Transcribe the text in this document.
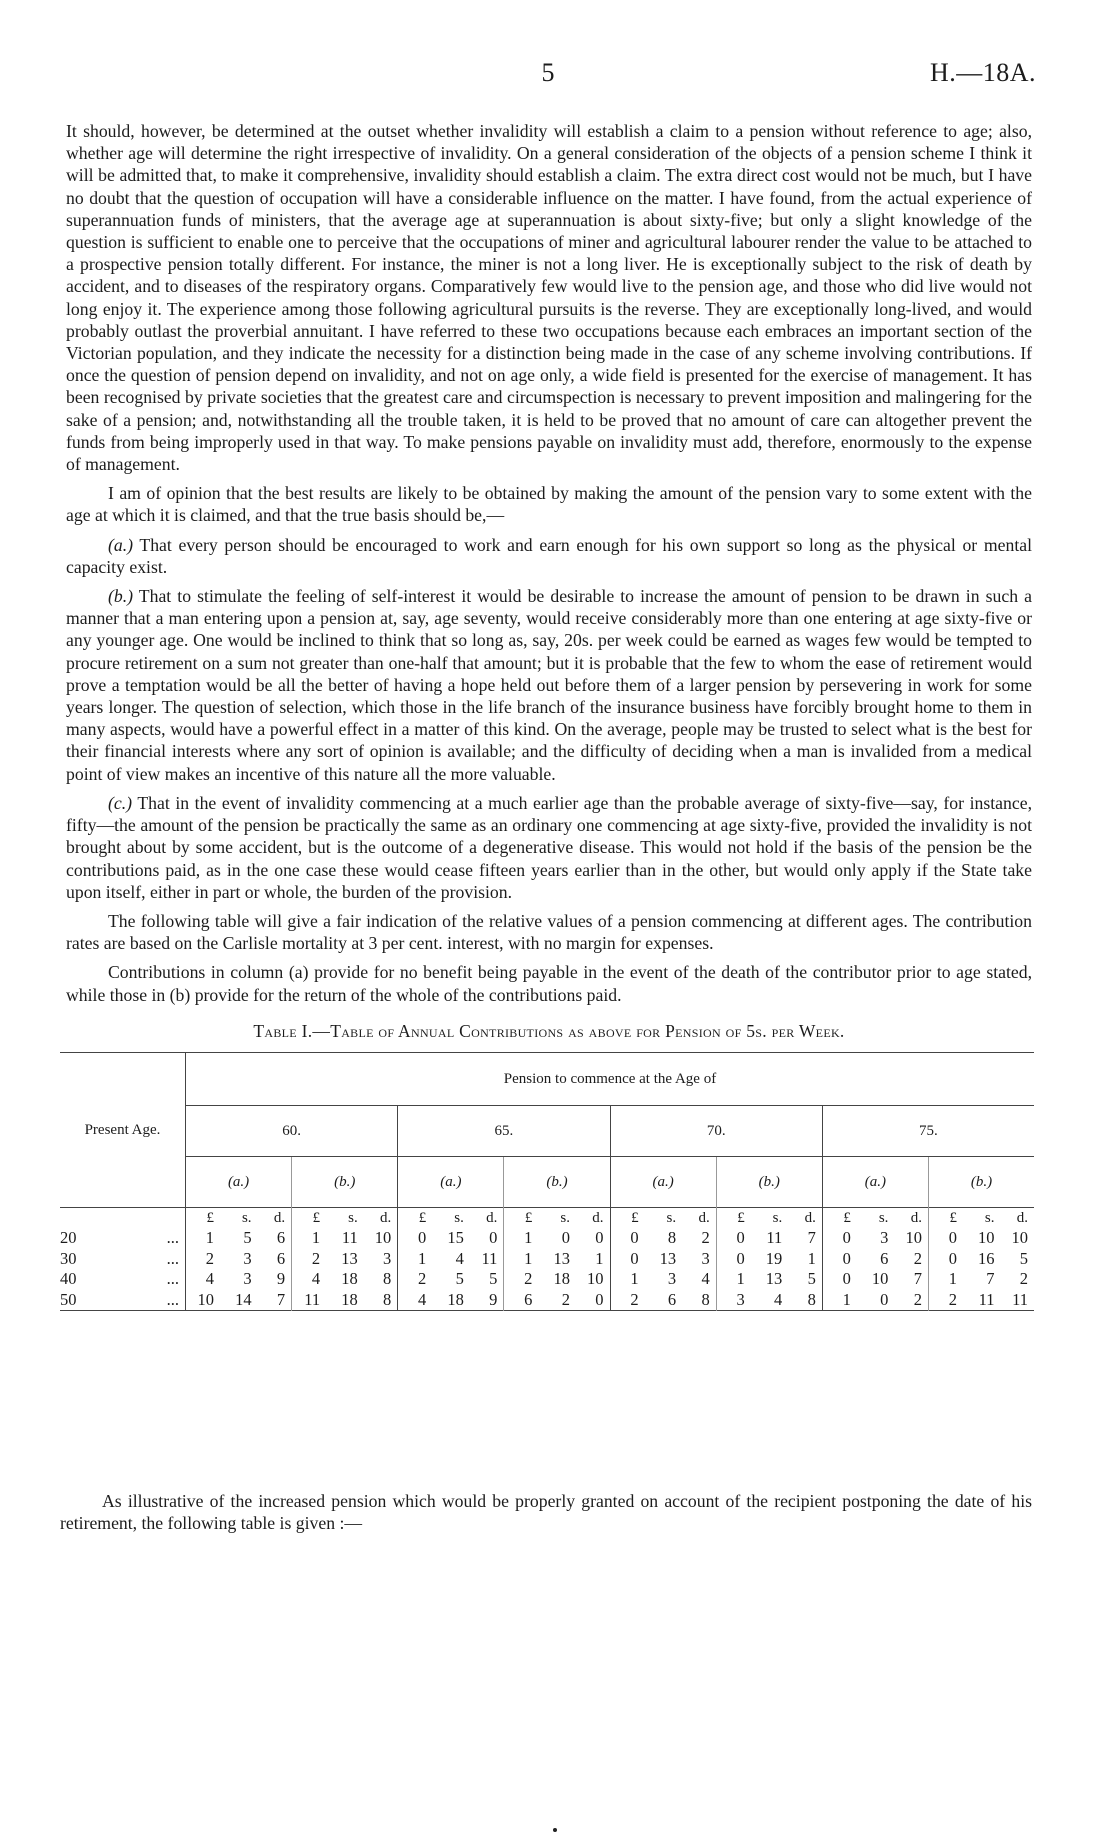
5	H.—18A.

It should, however, be determined at the outset whether invalidity will establish a claim to a pension without reference to age; also, whether age will determine the right irrespective of invalidity. On a general consideration of the objects of a pension scheme I think it will be admitted that, to make it comprehensive, invalidity should establish a claim. The extra direct cost would not be much, but I have no doubt that the question of occupation will have a considerable influence on the matter. I have found, from the actual experience of superannuation funds of ministers, that the average age at superannuation is about sixty-five; but only a slight knowledge of the question is sufficient to enable one to perceive that the occupations of miner and agricultural labourer render the value to be attached to a prospective pension totally different. For instance, the miner is not a long liver. He is exceptionally subject to the risk of death by accident, and to diseases of the respiratory organs. Comparatively few would live to the pension age, and those who did live would not long enjoy it. The experience among those following agricultural pursuits is the reverse. They are exceptionally long-lived, and would probably outlast the proverbial annuitant. I have referred to these two occupations because each embraces an important section of the Victorian population, and they indicate the necessity for a distinction being made in the case of any scheme involving contributions. If once the question of pension depend on invalidity, and not on age only, a wide field is presented for the exercise of management. It has been recognised by private societies that the greatest care and circumspection is necessary to prevent imposition and malingering for the sake of a pension; and, notwithstanding all the trouble taken, it is held to be proved that no amount of care can altogether prevent the funds from being improperly used in that way. To make pensions payable on invalidity must add, therefore, enormously to the expense of management.

I am of opinion that the best results are likely to be obtained by making the amount of the pension vary to some extent with the age at which it is claimed, and that the true basis should be,—

(a.) That every person should be encouraged to work and earn enough for his own support so long as the physical or mental capacity exist.

(b.) That to stimulate the feeling of self-interest it would be desirable to increase the amount of pension to be drawn in such a manner that a man entering upon a pension at, say, age seventy, would receive considerably more than one entering at age sixty-five or any younger age. One would be inclined to think that so long as, say, 20s. per week could be earned as wages few would be tempted to procure retirement on a sum not greater than one-half that amount; but it is probable that the few to whom the ease of retirement would prove a temptation would be all the better of having a hope held out before them of a larger pension by persevering in work for some years longer. The question of selection, which those in the life branch of the insurance business have forcibly brought home to them in many aspects, would have a powerful effect in a matter of this kind. On the average, people may be trusted to select what is the best for their financial interests where any sort of opinion is available; and the difficulty of deciding when a man is invalided from a medical point of view makes an incentive of this nature all the more valuable.

(c.) That in the event of invalidity commencing at a much earlier age than the probable average of sixty-five—say, for instance, fifty—the amount of the pension be practically the same as an ordinary one commencing at age sixty-five, provided the invalidity is not brought about by some accident, but is the outcome of a degenerative disease. This would not hold if the basis of the pension be the contributions paid, as in the one case these would cease fifteen years earlier than in the other, but would only apply if the State take upon itself, either in part or whole, the burden of the provision.

The following table will give a fair indication of the relative values of a pension commencing at different ages. The contribution rates are based on the Carlisle mortality at 3 per cent. interest, with no margin for expenses.

Contributions in column (a) provide for no benefit being payable in the event of the death of the contributor prior to age stated, while those in (b) provide for the return of the whole of the contributions paid.

Table I.—Table of Annual Contributions as above for Pension of 5s. per Week.
Present Age.	Pension to commence at the Age of							
	60.		65.		70.		75.	
	(a.)	(b.)	(a.)	(b.)	(a.)	(b.)	(a.)	(b.)

	£ s. d.	£ s. d.	£ s. d.	£ s. d.	£ s. d.	£ s. d.	£ s. d.	£ s. d.

20 ...	1 5 6	1 11 10	0 15 0	1 0 0	0 8 2	0 11 7	0 3 10	0 10 10

30 ...	2 3 6	2 13 3	1 4 11	1 13 1	0 13 3	0 19 1	0 6 2	0 16 5

40 ...	4 3 9	4 18 8	2 5 5	2 18 10	1 3 4	1 13 5	0 10 7	1 7 2

50 ...	10 14 7	11 18 8	4 18 9	6 2 0	2 6 8	3 4 8	1 0 2	2 11 11

As illustrative of the increased pension which would be properly granted on account of the recipient postponing the date of his retirement, the following table is given :—
